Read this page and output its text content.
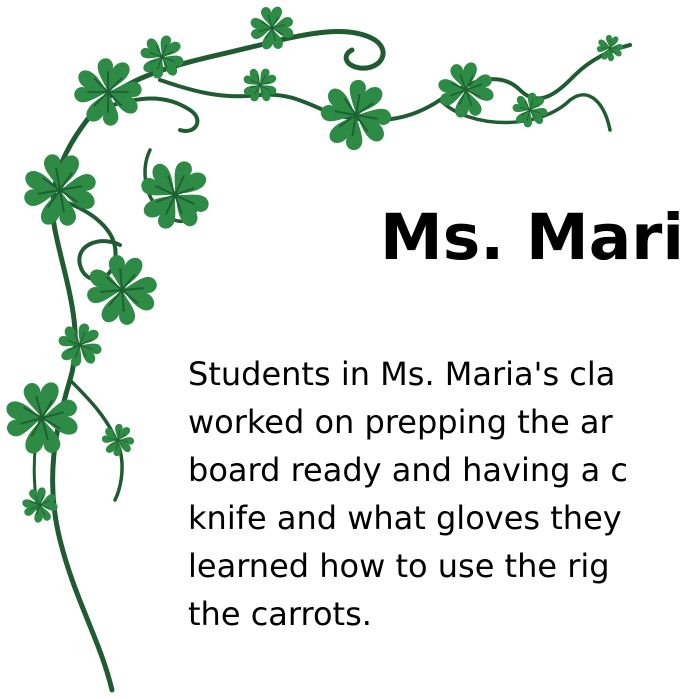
Ms. Mari
Students in Ms. Maria's cla
worked on prepping the ar
board ready and having a c
knife and what gloves they
learned how to use the rig
the carrots.
